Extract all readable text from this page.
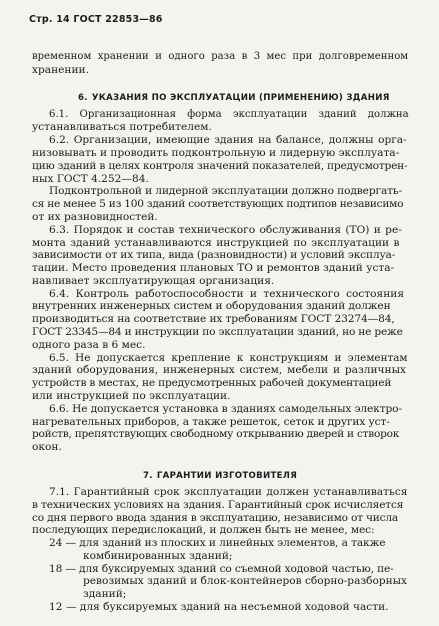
Стр. 14 ГОСТ 22853—86
временном хранении и одного раза в 3 мес при долговременном
хранении.
6. УКАЗАНИЯ ПО ЭКСПЛУАТАЦИИ (ПРИМЕНЕНИЮ) ЗДАНИЯ
6.1. Организационная форма эксплуатации зданий должна
устанавливаться потребителем.
6.2. Организации, имеющие здания на балансе, должны орга-
низовывать и проводить подконтрольную и лидерную эксплуата-
цию зданий в целях контроля значений показателей, предусмотрен-
ных ГОСТ 4.252—84.
Подконтрольной и лидерной эксплуатации должно подвергать-
ся не менее 5 из 100 зданий соответствующих подтипов независимо
от их разновидностей.
6.3. Порядок и состав технического обслуживания (ТО) и ре-
монта зданий устанавливаются инструкцией по эксплуатации в
зависимости от их типа, вида (разновидности) и условий эксплуа-
тации. Место проведения плановых ТО и ремонтов зданий уста-
навливает эксплуатирующая организация.
6.4. Контроль работоспособности и технического состояния
внутренних инженерных систем и оборудования зданий должен
производиться на соответствие их требованиям ГОСТ 23274—84,
ГОСТ 23345—84 и инструкции по эксплуатации зданий, но не реже
одного раза в 6 мес.
6.5. Не допускается крепление к конструкциям и элементам
зданий оборудования, инженерных систем, мебели и различных
устройств в местах, не предусмотренных рабочей документацией
или инструкцией по эксплуатации.
6.6. Не допускается установка в зданиях самодельных электро-
нагревательных приборов, а также решеток, сеток и других уст-
ройств, препятствующих свободному открыванию дверей и створок
окон.
7. ГАРАНТИИ ИЗГОТОВИТЕЛЯ
7.1. Гарантийный срок эксплуатации должен устанавливаться
в технических условиях на здания. Гарантийный срок исчисляется
со дня первого ввода здания в эксплуатацию, независимо от числа
последующих передислокаций, и должен быть не менее, мес:
24 — для зданий из плоских и линейных элементов, а также
комбинированных зданий;
18 — для буксируемых зданий со съемной ходовой частью, пе-
ревозимых зданий и блок-контейнеров сборно-разборных
зданий;
12 — для буксируемых зданий на несъемной ходовой части.
